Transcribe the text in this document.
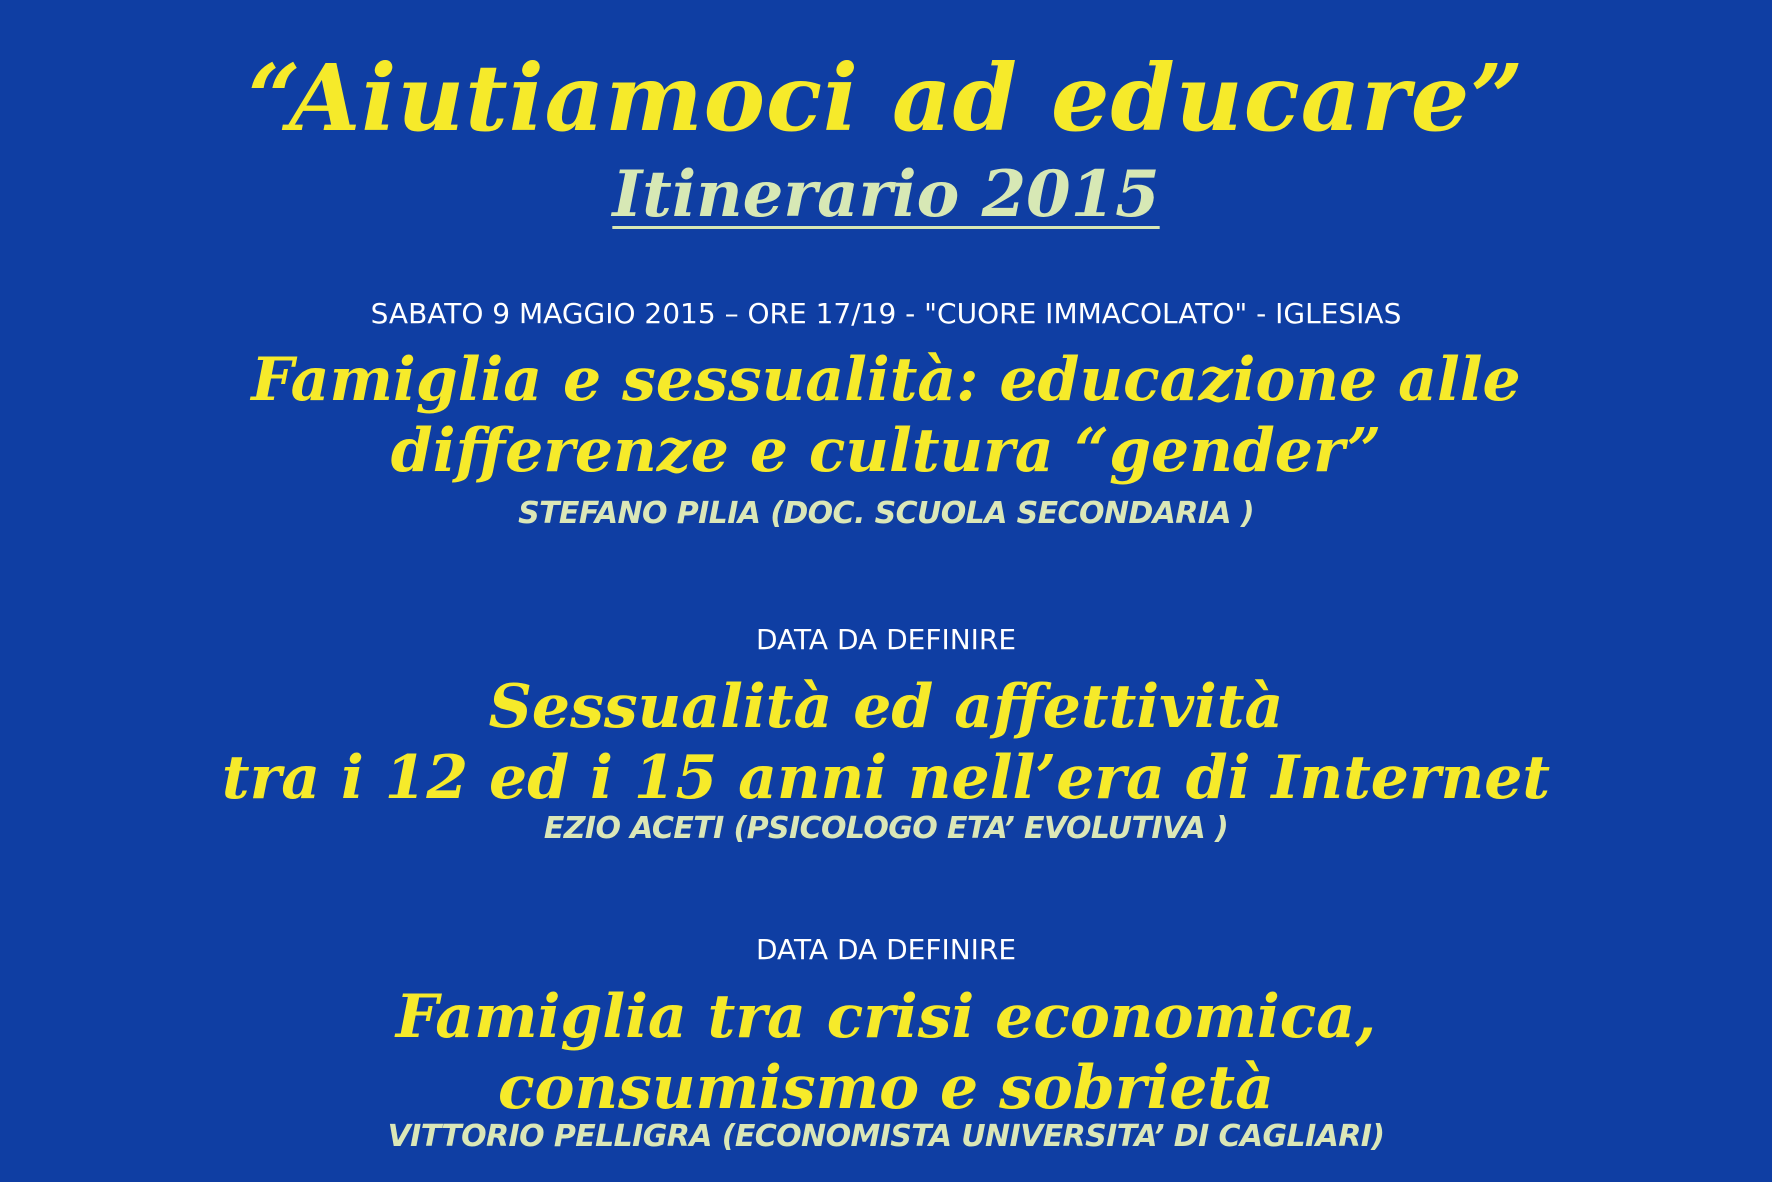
“Aiutiamoci ad educare”
Itinerario 2015
SABATO 9 MAGGIO 2015 – ORE 17/19 - "CUORE IMMACOLATO" - IGLESIAS
Famiglia e sessualità: educazione alle
differenze e cultura “gender”
STEFANO PILIA (DOC. SCUOLA SECONDARIA )
DATA DA DEFINIRE
Sessualità ed affettività
tra i 12 ed i 15 anni nell’era di Internet
EZIO ACETI (PSICOLOGO ETA’ EVOLUTIVA )
DATA DA DEFINIRE
Famiglia tra crisi economica,
consumismo e sobrietà
VITTORIO PELLIGRA (ECONOMISTA UNIVERSITA’ DI CAGLIARI)
